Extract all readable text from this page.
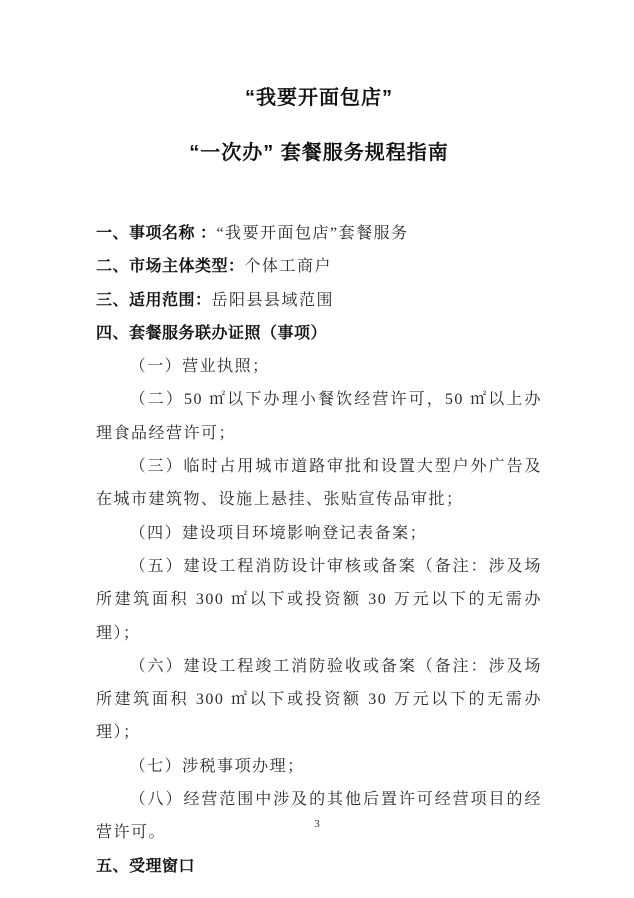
“我要开面包店”
“一次办” 套餐服务规程指南

一、事项名称 ：“我要开面包店”套餐服务

二、市场主体类型：个体工商户

三、适用范围：岳阳县县域范围

四、套餐服务联办证照（事项）

（一）营业执照；

（二）50 ㎡以下办理小餐饮经营许可，50 ㎡以上办理食品经营许可；

（三）临时占用城市道路审批和设置大型户外广告及在城市建筑物、设施上悬挂、张贴宣传品审批；

（四）建设项目环境影响登记表备案；

（五）建设工程消防设计审核或备案（备注：涉及场所建筑面积 300 ㎡以下或投资额 30 万元以下的无需办理）；

（六）建设工程竣工消防验收或备案（备注：涉及场所建筑面积 300 ㎡以下或投资额 30 万元以下的无需办理）；

（七）涉税事项办理；

（八）经营范围中涉及的其他后置许可经营项目的经营许可。

五、受理窗口

3
